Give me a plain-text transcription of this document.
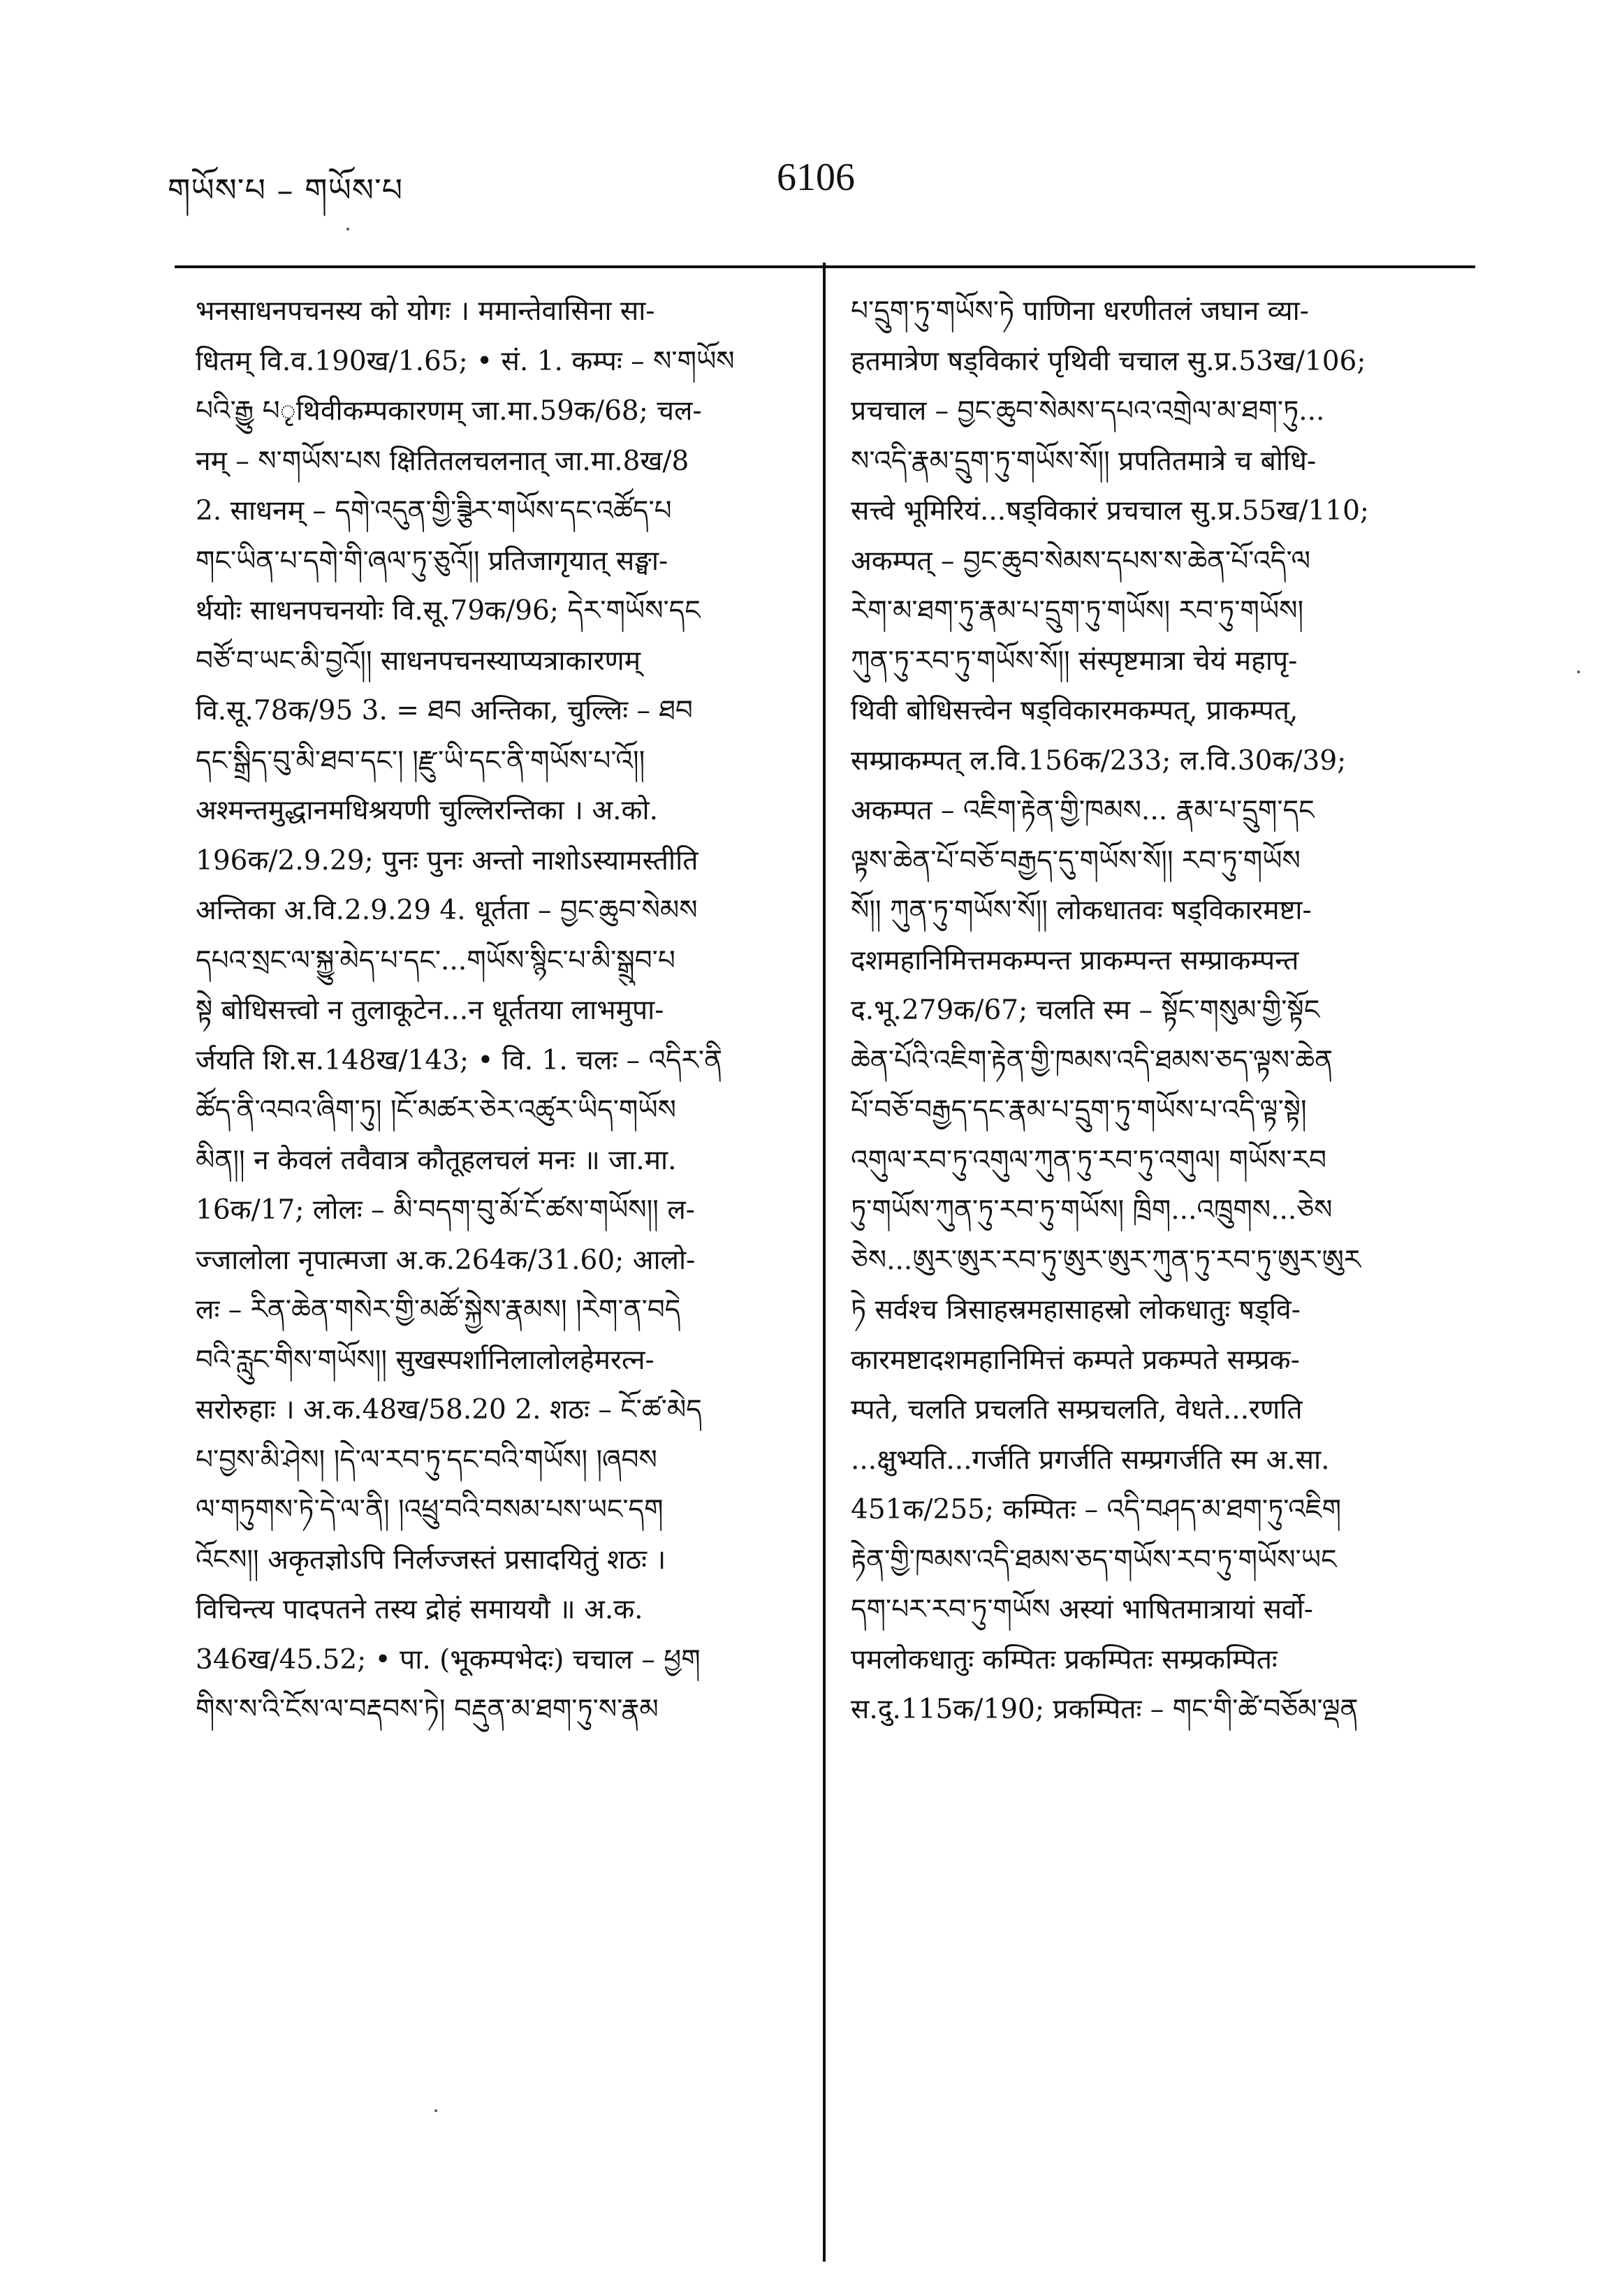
གཡོས་པ – གཡོས་པ	6106
भनसाधनपचनस्य को योगः । ममान्तेवासिना सा-
धितम् वि.व.190ख/1.65; • सं. 1. कम्पः – ས་གཡོས
པའི་རྒྱུ པृथिवीकम्पकारणम् जा.मा.59क/68; चल-
नम् – ས་གཡོས་པས क्षितितलचलनात् जा.मा.8ख/8
2. साधनम् – དགེ་འདུན་གྱི་ཟྩིར་གཡོས་དང་འཚོད་པ
གང་ཡིན་པ་དགེ་གི་ཞལ་ཏུ་ཅུའོ།། प्रतिजागृयात् सङ्घा-
र्थयोः साधनपचनयोः वि.सू.79क/96; དེར་གཡོས་དང
བཙོ་བ་ཡང་མི་བྱའོ།། साधनपचनस्याप्यत्राकारणम्
वि.सू.78क/95 3. = ཐབ अन्तिका, चुल्लिः – ཐབ
དང་སྒྲིད་བུ་མི་ཐབ་དང་། །རྫུ་ཡི་དང་ནི་གཡོས་པ་འོ།།
अश्मन्तमुद्धानमधिश्रयणी चुल्लिरन्तिका । अ.को.
196क/2.9.29; पुनः पुनः अन्तो नाशोऽस्यामस्तीति
अन्तिका अ.वि.2.9.29 4. धूर्तता – བྱང་ཆུབ་སེམས
དཔའ་སྲང་ལ་སྐྱུ་མེད་པ་དང་...གཡོས་སྙིང་པ་མི་སྒྲུབ་པ
སྟེ बोधिसत्त्वो न तुलाकूटेन...न धूर्ततया लाभमुपा-
र्जयति शि.स.148ख/143; • वि. 1. चलः – འདིར་ནི
ཚོད་ནི་འབའ་ཞིག་ཏུ། །ངོ་མཚར་ཅེར་འཚུར་ཡིད་གཡོས
མིན།། न केवलं तवैवात्र कौतूहलचलं मनः ॥ जा.मा.
16क/17; लोलः – མི་བདག་བུ་མོ་ངོ་ཚས་གཡོས།། ल-
ज्जालोला नृपात्मजा अ.क.264क/31.60; आलो-
लः – རིན་ཆེན་གསེར་གྱི་མཚོ་སྐྱེས་རྣམས། །རེག་ན་བདེ
བའི་རླུང་གིས་གཡོས།། सुखस्पर्शानिलालोलहेमरत्न-
सरोरुहाः । अ.क.48ख/58.20 2. शठः – ངོ་ཚ་མེད
པ་བྱས་མི་ཤེས། །དེ་ལ་རབ་ཏུ་དང་བའི་གཡོས། །ཞབས
ལ་གཏུགས་ཏེ་དེ་ལ་ནི། །འཕྲུ་བའི་བསམ་པས་ཡང་དག
འོངས།། अकृतज्ञोऽपि निर्लज्जस्तं प्रसादयितुं शठः ।
विचिन्त्य पादपतने तस्य द्रोहं समाययौ ॥ अ.क.
346ख/45.52; • पा. (भूकम्पभेदः) चचाल – ཕྱག
གིས་ས་འི་ངོས་ལ་བརྡབས་ཏེ། བརྡུན་མ་ཐག་ཏུ་ས་རྣམ
པ་དྲུག་ཏུ་གཡོས་ཏེ पाणिना धरणीतलं जघान व्या-
हतमात्रेण षड्विकारं पृथिवी चचाल सु.प्र.53ख/106;
प्रचचाल – བྱང་ཆུབ་སེམས་དཔའ་འགྲེལ་མ་ཐག་ཏུ...
ས་འདི་རྣམ་དྲུག་ཏུ་གཡོས་སོ།། प्रपतितमात्रे च बोधि-
सत्त्वे भूमिरियं...षड्विकारं प्रचचाल सु.प्र.55ख/110;
अकम्पत् – བྱང་ཆུབ་སེམས་དཔས་ས་ཆེན་པོ་འདི་ལ
རེག་མ་ཐག་ཏུ་རྣམ་པ་དྲུག་ཏུ་གཡོས། རབ་ཏུ་གཡོས།
ཀུན་ཏུ་རབ་ཏུ་གཡོས་སོ།། संस्पृष्टमात्रा चेयं महापृ-
थिवी बोधिसत्त्वेन षड्विकारमकम्पत्, प्राकम्पत्,
सम्प्राकम्पत् ल.वि.156क/233; ल.वि.30क/39;
अकम्पत – འཇིག་རྟེན་གྱི་ཁམས... རྣམ་པ་དྲུག་དང
ལྟས་ཆེན་པོ་བཅོ་བརྒྱད་དུ་གཡོས་སོ།། རབ་ཏུ་གཡོས
སོ།། ཀུན་ཏུ་གཡོས་སོ།། लोकधातवः षड्विकारमष्टा-
दशमहानिमित्तमकम्पन्त प्राकम्पन्त सम्प्राकम्पन्त
द.भू.279क/67; चलति स्म – སྟོང་གསུམ་གྱི་སྟོང
ཆེན་པོའི་འཇིག་རྟེན་གྱི་ཁམས་འདི་ཐམས་ཅད་ལྟས་ཆེན
པོ་བཅོ་བརྒྱད་དང་རྣམ་པ་དྲུག་ཏུ་གཡོས་པ་འདི་ལྟ་སྟེ།
འགུལ་རབ་ཏུ་འགུལ་ཀུན་ཏུ་རབ་ཏུ་འགུལ། གཡོས་རབ
ཏུ་གཡོས་ཀུན་ཏུ་རབ་ཏུ་གཡོས། ཁྲིག...འཁྲུགས...ཅེས
ཅེས...ཨུར་ཨུར་རབ་ཏུ་ཨུར་ཨུར་ཀུན་ཏུ་རབ་ཏུ་ཨུར་ཨུར
ཏེ सर्वश्च त्रिसाहस्रमहासाहस्रो लोकधातुः षड्वि-
कारमष्टादशमहानिमित्तं कम्पते प्रकम्पते सम्प्रक-
म्पते, चलति प्रचलति सम्प्रचलति, वेधते...रणति
...क्षुभ्यति...गर्जति प्रगर्जति सम्प्रगर्जति स्म अ.सा.
451क/255; कम्पितः – འདི་བཤད་མ་ཐག་ཏུ་འཇིག
རྟེན་གྱི་ཁམས་འདི་ཐམས་ཅད་གཡོས་རབ་ཏུ་གཡོས་ཡང
དག་པར་རབ་ཏུ་གཡོས अस्यां भाषितमात्रायां सर्वो-
पमलोकधातुः कम्पितः प्रकम्पितः सम्प्रकम्पितः
स.दु.115क/190; प्रकम्पितः – གང་གི་ཚེ་བཅོམ་ལྡན
